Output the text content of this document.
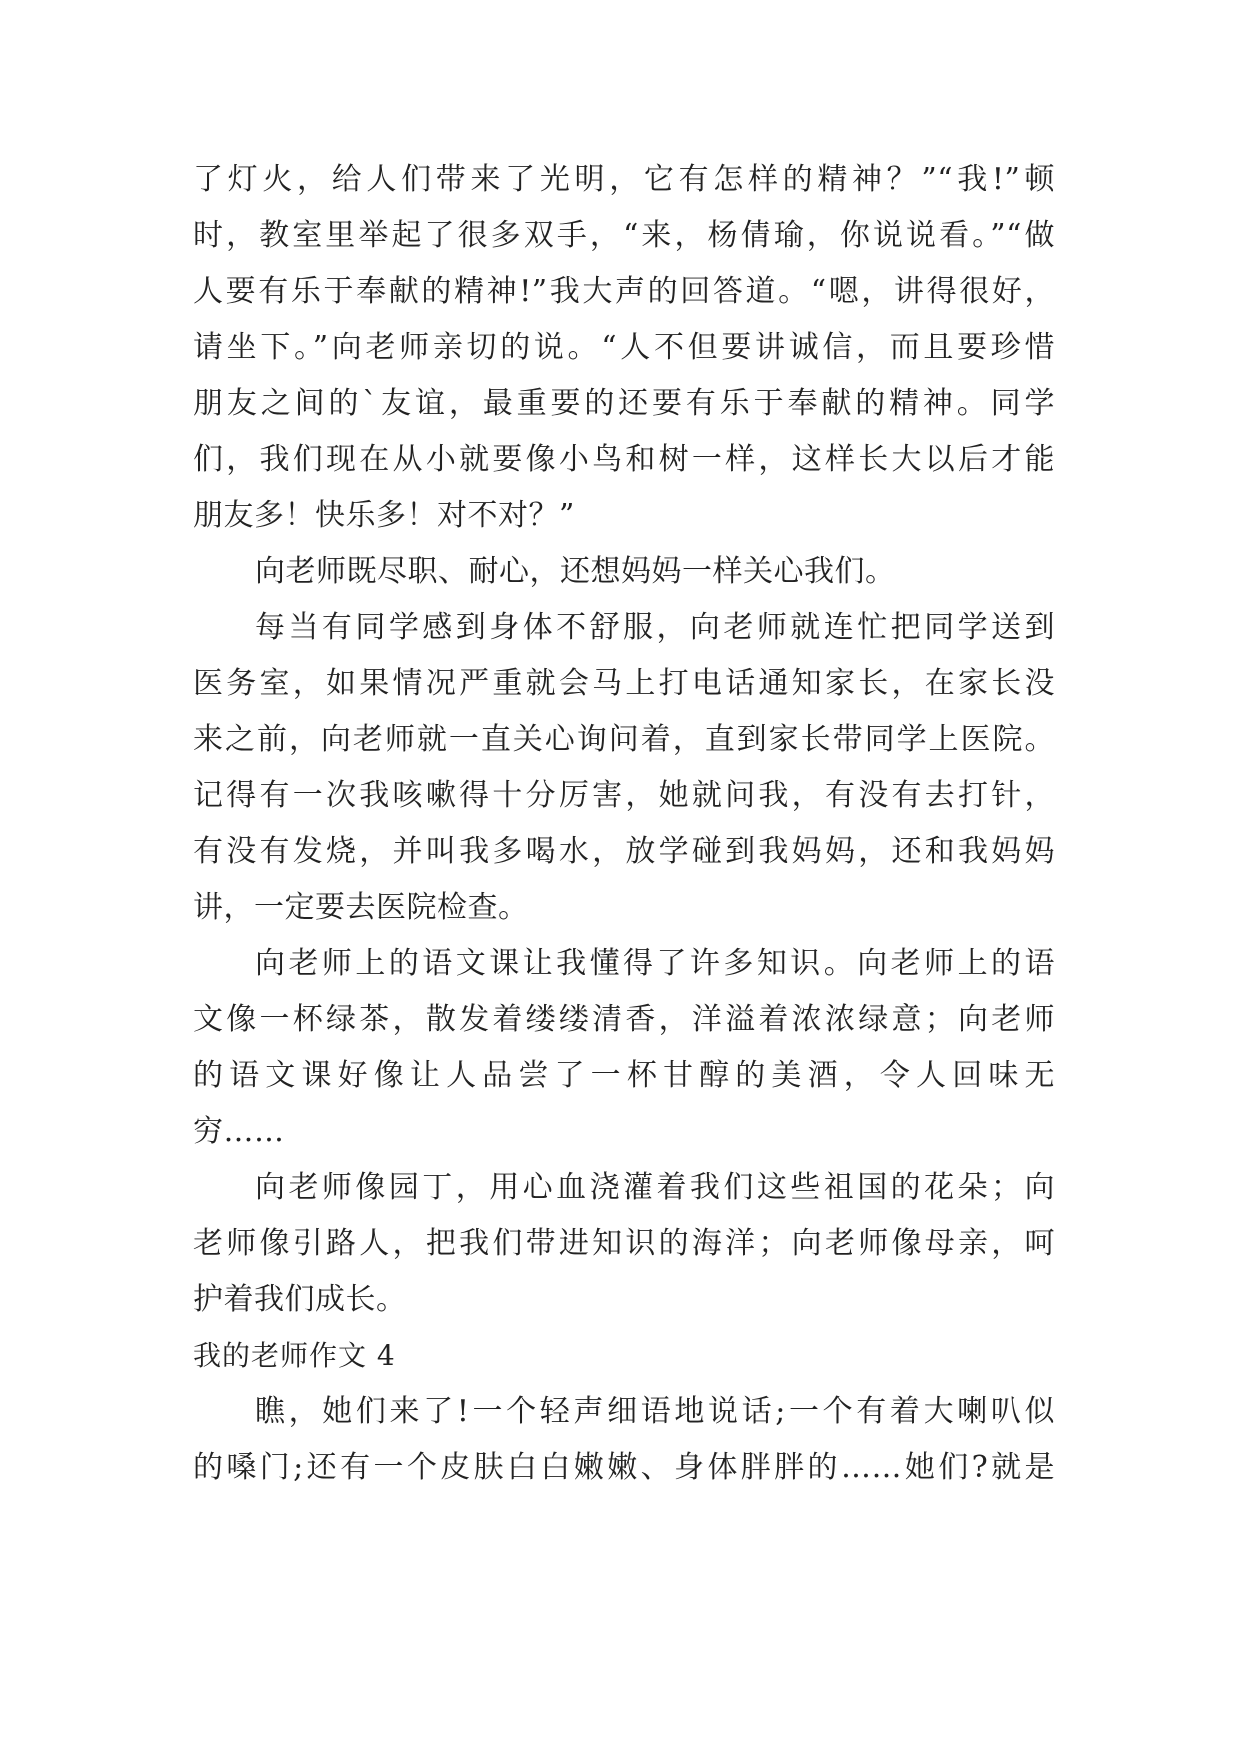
了灯火，给人们带来了光明，它有怎样的精神？”“我!”顿
时，教室里举起了很多双手，“来，杨倩瑜，你说说看。”“做
人要有乐于奉献的精神!”我大声的回答道。“嗯，讲得很好，
请坐下。”向老师亲切的说。“人不但要讲诚信，而且要珍惜
朋友之间的`友谊，最重要的还要有乐于奉献的精神。同学
们，我们现在从小就要像小鸟和树一样，这样长大以后才能
朋友多！快乐多！对不对？”
向老师既尽职、耐心，还想妈妈一样关心我们。
每当有同学感到身体不舒服，向老师就连忙把同学送到
医务室，如果情况严重就会马上打电话通知家长，在家长没
来之前，向老师就一直关心询问着，直到家长带同学上医院。
记得有一次我咳嗽得十分厉害，她就问我，有没有去打针，
有没有发烧，并叫我多喝水，放学碰到我妈妈，还和我妈妈
讲，一定要去医院检查。
向老师上的语文课让我懂得了许多知识。向老师上的语
文像一杯绿茶，散发着缕缕清香，洋溢着浓浓绿意；向老师
的语文课好像让人品尝了一杯甘醇的美酒，令人回味无
穷……
向老师像园丁，用心血浇灌着我们这些祖国的花朵；向
老师像引路人，把我们带进知识的海洋；向老师像母亲，呵
护着我们成长。
我的老师作文 4
瞧，她们来了!一个轻声细语地说话;一个有着大喇叭似
的嗓门;还有一个皮肤白白嫩嫩、身体胖胖的……她们?就是
